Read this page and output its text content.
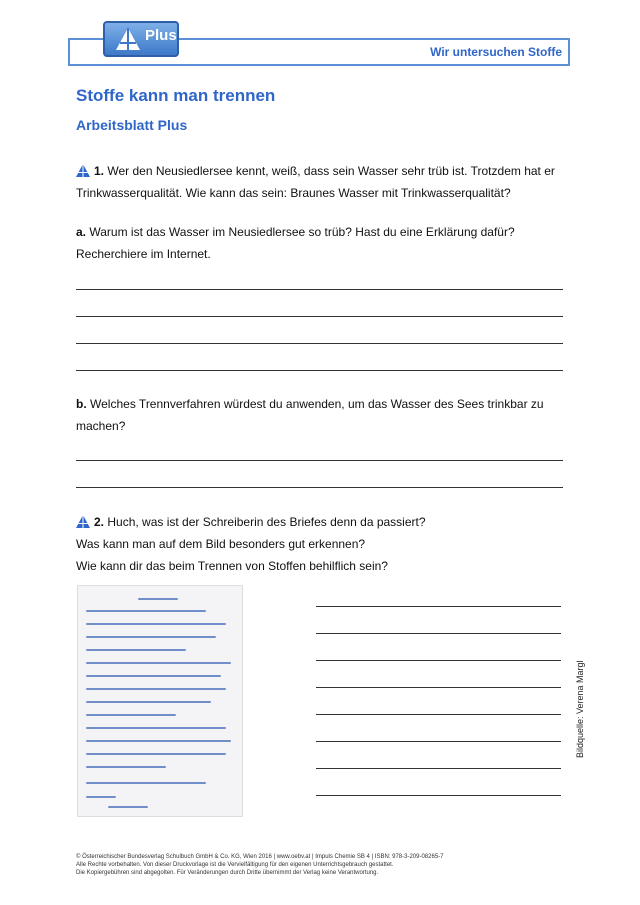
Wir untersuchen Stoffe
Plus
Stoffe kann man trennen
Arbeitsblatt Plus
1. Wer den Neusiedlersee kennt, weiß, dass sein Wasser sehr trüb ist. Trotzdem hat er Trinkwasserqualität. Wie kann das sein: Braunes Wasser mit Trinkwasserqualität?
a. Warum ist das Wasser im Neusiedlersee so trüb? Hast du eine Erklärung dafür? Recherchiere im Internet.
b. Welches Trennverfahren würdest du anwenden, um das Wasser des Sees trinkbar zu machen?
2. Huch, was ist der Schreiberin des Briefes denn da passiert?
Was kann man auf dem Bild besonders gut erkennen?
Wie kann dir das beim Trennen von Stoffen behilflich sein?
Bildquelle: Verena Margl
© Österreichischer Bundesverlag Schulbuch GmbH & Co. KG, Wien 2016 | www.oebv.at | Impuls Chemie SB 4 | ISBN: 978-3-209-08265-7
Alle Rechte vorbehalten. Von dieser Druckvorlage ist die Vervielfältigung für den eigenen Unterrichtsgebrauch gestattet.
Die Kopiergebühren sind abgegolten. Für Veränderungen durch Dritte übernimmt der Verlag keine Verantwortung.
